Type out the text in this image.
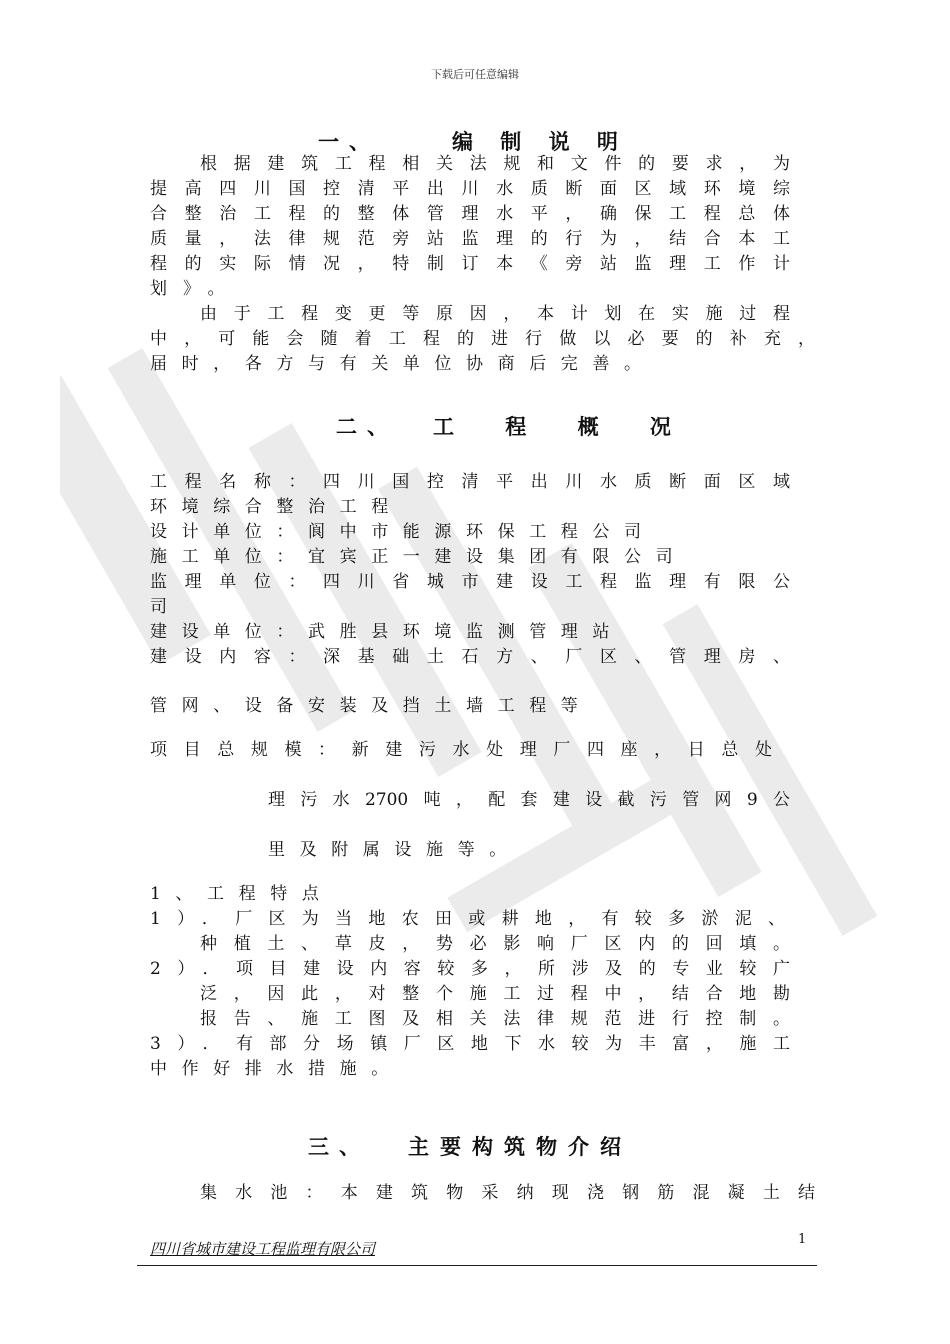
下载后可任意编辑
一、	编 制 说 明
根据建筑工程相关法规和文件的要求，为
提高四川国控清平出川水质断面区域环境综
合整治工程的整体管理水平，确保工程总体
质量，法律规范旁站监理的行为，结合本工
程的实际情况，特制订本《旁站监理工作计
划》。
由于工程变更等原因，本计划在实施过程
中，可能会随着工程的进行做以必要的补充，
届时，各方与有关单位协商后完善。
二、 工 程 概 况
工程名称：四川国控清平出川水质断面区域
环境综合整治工程
设计单位：阆中市能源环保工程公司
施工单位：宜宾正一建设集团有限公司
监理单位：四川省城市建设工程监理有限公
司
建设单位：武胜县环境监测管理站
建设内容：深基础土石方、厂区、管理房、
管网、设备安装及挡土墙工程等
项目总规模：新建污水处理厂四座，日总处
理污水2700吨，配套建设截污管网9公
里及附属设施等。
1、工程特点
1）．厂区为当地农田或耕地，有较多淤泥、
种植土、草皮，势必影响厂区内的回填。
2）．项目建设内容较多，所涉及的专业较广
泛，因此，对整个施工过程中，结合地勘
报告、施工图及相关法律规范进行控制。
3）．有部分场镇厂区地下水较为丰富，施工
中作好排水措施。
三、 主要构筑物介绍
集水池：本建筑物采纳现浇钢筋混凝土结
四川省城市建设工程监理有限公司
1
